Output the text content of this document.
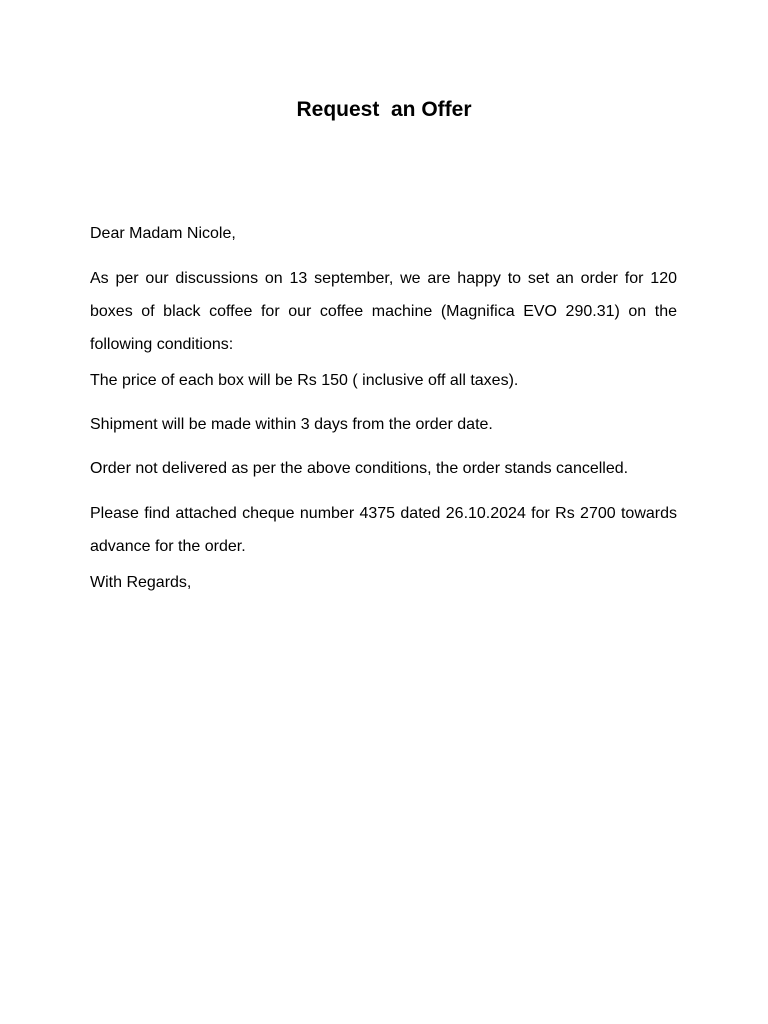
Request  an Offer

Dear Madam Nicole,

As per our discussions on 13 september, we are happy to set an order for 120 boxes of black coffee for our coffee machine (Magnifica EVO 290.31) on the following conditions:

The price of each box will be Rs 150 ( inclusive off all taxes).

Shipment will be made within 3 days from the order date.

Order not delivered as per the above conditions, the order stands cancelled.

Please find attached cheque number 4375 dated 26.10.2024 for Rs 2700 towards advance for the order.

With Regards,
